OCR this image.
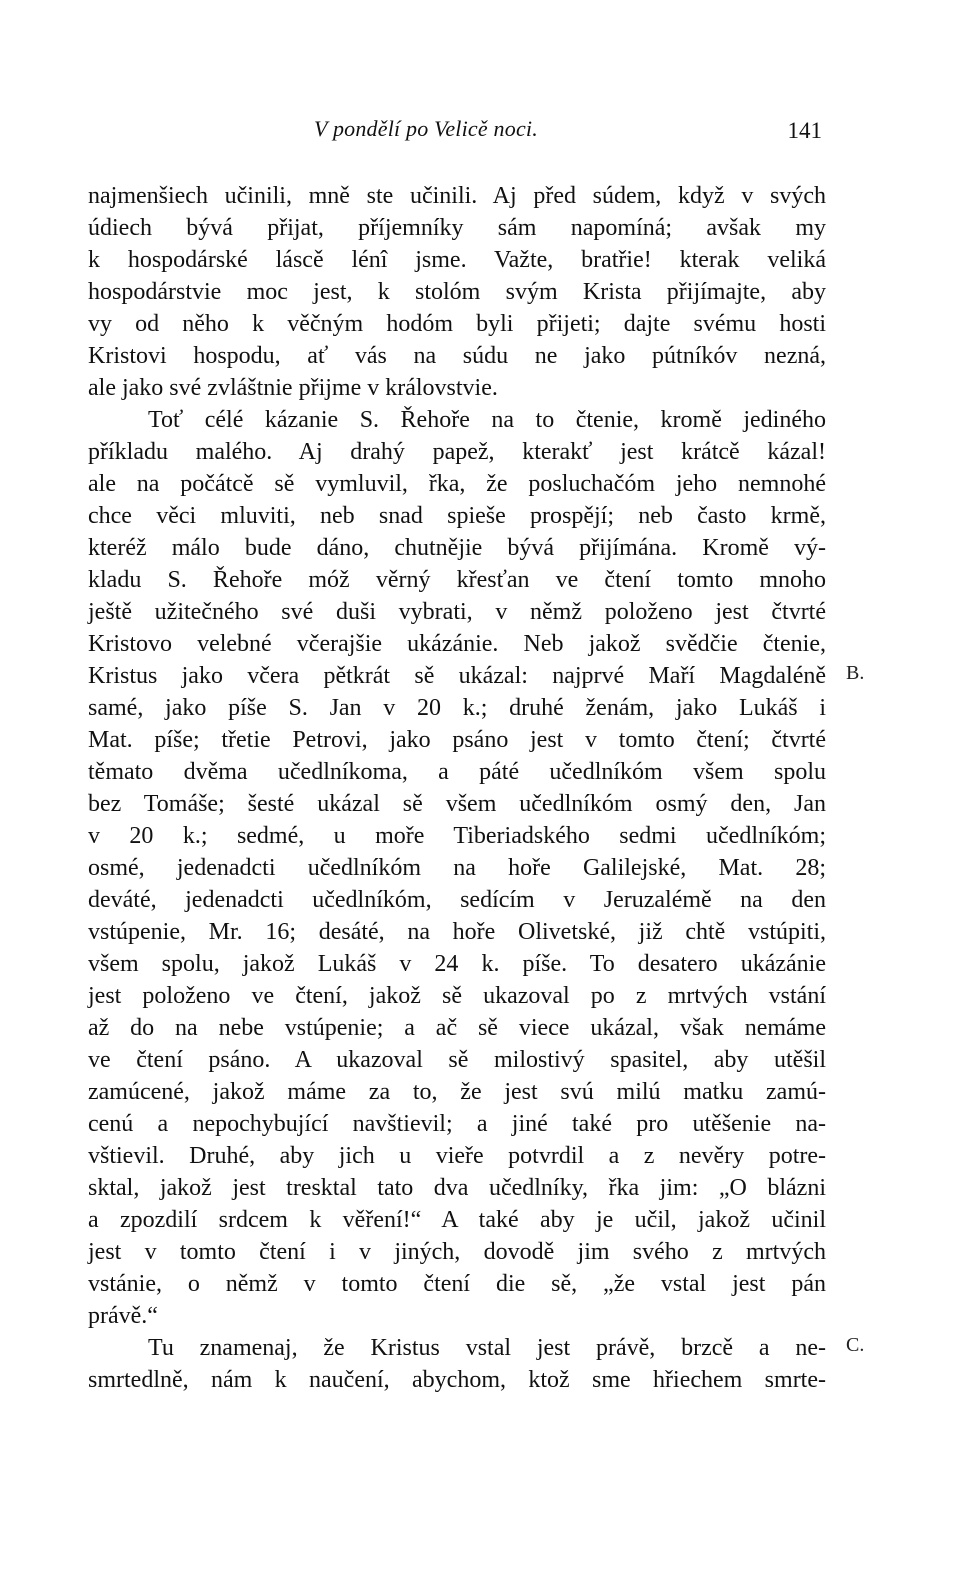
V pondělí po Velicě noci.	141
najmenšiech učinili, mně ste učinili. Aj před súdem, když v svých
údiech bývá přijat, příjemníky sám napomíná; avšak my
k hospodárské láscě lénî jsme. Važte, bratřie! kterak veliká
hospodárstvie moc jest, k stolóm svým Krista přijímajte, aby
vy od něho k věčným hodóm byli přijeti; dajte svému hosti
Kristovi hospodu, ať vás na súdu ne jako pútníkóv nezná,
ale jako své zvláštnie přijme v královstvie.
Toť célé kázanie S. Řehoře na to čtenie, kromě jediného
příkladu malého. Aj drahý papež, kterakť jest krátcě kázal!
ale na počátcě sě vymluvil, řka, že posluchačóm jeho nemnohé
chce věci mluviti, neb snad spieše prospějí; neb často krmě,
kteréž málo bude dáno, chutnějie bývá přijímána. Kromě vý-
kladu S. Řehoře móž věrný křesťan ve čtení tomto mnoho
ještě užitečného své duši vybrati, v němž položeno jest čtvrté
Kristovo velebné včerajšie ukázánie. Neb jakož svědčie čtenie,
Kristus jako včera pětkrát sě ukázal: najprvé Maří Magdaléně
samé, jako píše S. Jan v 20 k.; druhé ženám, jako Lukáš i
Mat. píše; třetie Petrovi, jako psáno jest v tomto čtení; čtvrté
těmato dvěma učedlníkoma, a páté učedlníkóm všem spolu
bez Tomáše; šesté ukázal sě všem učedlníkóm osmý den, Jan
v 20 k.; sedmé, u moře Tiberiadského sedmi učedlníkóm;
osmé, jedenadcti učedlníkóm na hoře Galilejské, Mat. 28;
deváté, jedenadcti učedlníkóm, sedícím v Jeruzalémě na den
vstúpenie, Mr. 16; desáté, na hoře Olivetské, již chtě vstúpiti,
všem spolu, jakož Lukáš v 24 k. píše. To desatero ukázánie
jest položeno ve čtení, jakož sě ukazoval po z mrtvých vstání
až do na nebe vstúpenie; a ač sě viece ukázal, však nemáme
ve čtení psáno. A ukazoval sě milostivý spasitel, aby utěšil
zamúcené, jakož máme za to, že jest svú milú matku zamú-
cenú a nepochybující navštievil; a jiné také pro utěšenie na-
vštievil. Druhé, aby jich u vieře potvrdil a z nevěry potre-
sktal, jakož jest tresktal tato dva učedlníky, řka jim: „O blázni
a zpozdilí srdcem k věření!“ A také aby je učil, jakož učinil
jest v tomto čtení i v jiných, dovodě jim svého z mrtvých
vstánie, o němž v tomto čtení die sě, „že vstal jest pán
právě.“
Tu znamenaj, že Kristus vstal jest právě, brzcě a ne-
smrtedlně, nám k naučení, abychom, ktož sme hřiechem smrte-
B.
C.
